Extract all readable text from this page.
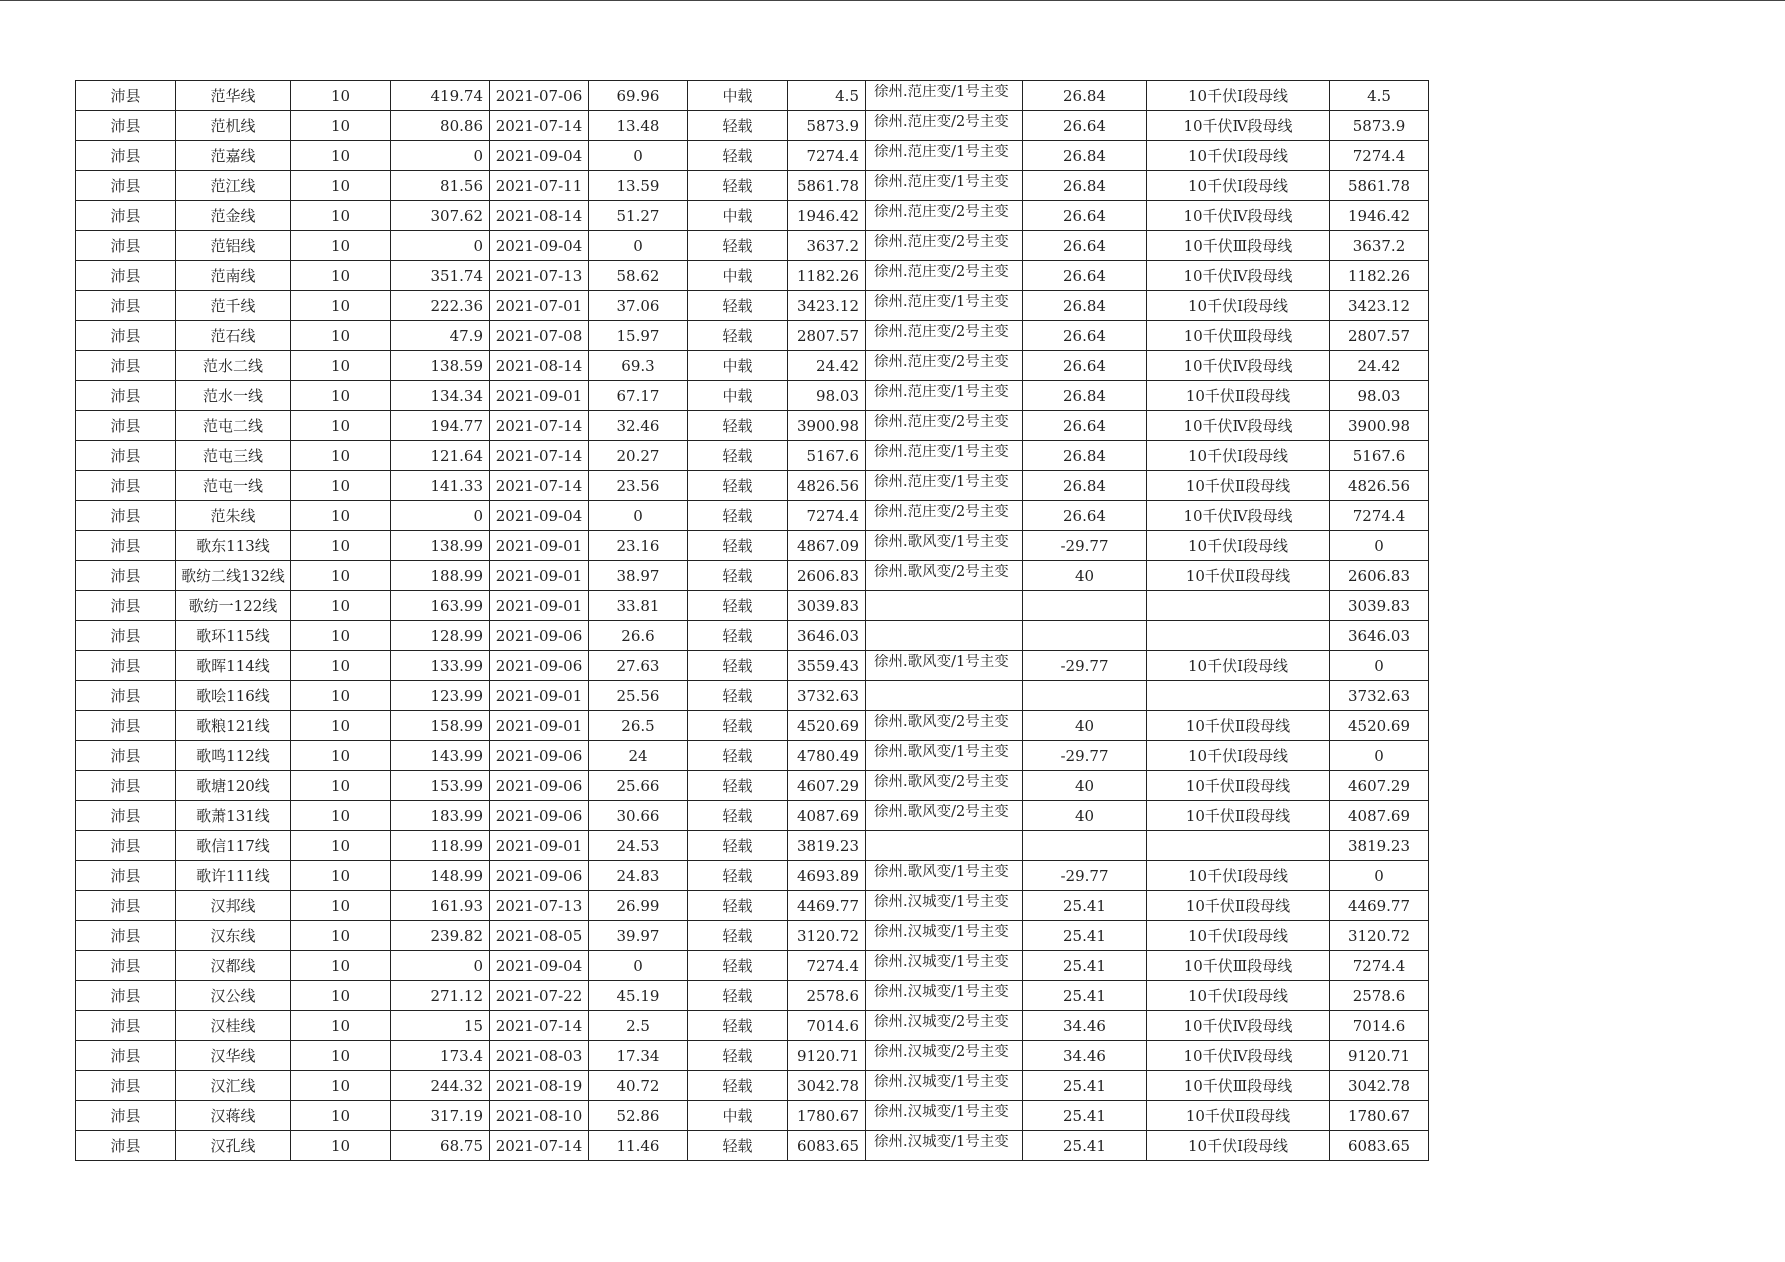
沛县	范华线	10	419.74	2021-07-06	69.96	中载	4.5	徐州.范庄变/1号主变	26.84	10千伏Ⅰ段母线	4.5
沛县	范机线	10	80.86	2021-07-14	13.48	轻载	5873.9	徐州.范庄变/2号主变	26.64	10千伏Ⅳ段母线	5873.9
沛县	范嘉线	10	0	2021-09-04	0	轻载	7274.4	徐州.范庄变/1号主变	26.84	10千伏Ⅰ段母线	7274.4
沛县	范江线	10	81.56	2021-07-11	13.59	轻载	5861.78	徐州.范庄变/1号主变	26.84	10千伏Ⅰ段母线	5861.78
沛县	范金线	10	307.62	2021-08-14	51.27	中载	1946.42	徐州.范庄变/2号主变	26.64	10千伏Ⅳ段母线	1946.42
沛县	范铝线	10	0	2021-09-04	0	轻载	3637.2	徐州.范庄变/2号主变	26.64	10千伏Ⅲ段母线	3637.2
沛县	范南线	10	351.74	2021-07-13	58.62	中载	1182.26	徐州.范庄变/2号主变	26.64	10千伏Ⅳ段母线	1182.26
沛县	范千线	10	222.36	2021-07-01	37.06	轻载	3423.12	徐州.范庄变/1号主变	26.84	10千伏Ⅰ段母线	3423.12
沛县	范石线	10	47.9	2021-07-08	15.97	轻载	2807.57	徐州.范庄变/2号主变	26.64	10千伏Ⅲ段母线	2807.57
沛县	范水二线	10	138.59	2021-08-14	69.3	中载	24.42	徐州.范庄变/2号主变	26.64	10千伏Ⅳ段母线	24.42
沛县	范水一线	10	134.34	2021-09-01	67.17	中载	98.03	徐州.范庄变/1号主变	26.84	10千伏Ⅱ段母线	98.03
沛县	范屯二线	10	194.77	2021-07-14	32.46	轻载	3900.98	徐州.范庄变/2号主变	26.64	10千伏Ⅳ段母线	3900.98
沛县	范屯三线	10	121.64	2021-07-14	20.27	轻载	5167.6	徐州.范庄变/1号主变	26.84	10千伏Ⅰ段母线	5167.6
沛县	范屯一线	10	141.33	2021-07-14	23.56	轻载	4826.56	徐州.范庄变/1号主变	26.84	10千伏Ⅱ段母线	4826.56
沛县	范朱线	10	0	2021-09-04	0	轻载	7274.4	徐州.范庄变/2号主变	26.64	10千伏Ⅳ段母线	7274.4
沛县	歌东113线	10	138.99	2021-09-01	23.16	轻载	4867.09	徐州.歌风变/1号主变	-29.77	10千伏Ⅰ段母线	0
沛县	歌纺二线132线	10	188.99	2021-09-01	38.97	轻载	2606.83	徐州.歌风变/2号主变	40	10千伏Ⅱ段母线	2606.83
沛县	歌纺一122线	10	163.99	2021-09-01	33.81	轻载	3039.83				3039.83
沛县	歌环115线	10	128.99	2021-09-06	26.6	轻载	3646.03				3646.03
沛县	歌晖114线	10	133.99	2021-09-06	27.63	轻载	3559.43	徐州.歌风变/1号主变	-29.77	10千伏Ⅰ段母线	0
沛县	歌哙116线	10	123.99	2021-09-01	25.56	轻载	3732.63				3732.63
沛县	歌粮121线	10	158.99	2021-09-01	26.5	轻载	4520.69	徐州.歌风变/2号主变	40	10千伏Ⅱ段母线	4520.69
沛县	歌鸣112线	10	143.99	2021-09-06	24	轻载	4780.49	徐州.歌风变/1号主变	-29.77	10千伏Ⅰ段母线	0
沛县	歌塘120线	10	153.99	2021-09-06	25.66	轻载	4607.29	徐州.歌风变/2号主变	40	10千伏Ⅱ段母线	4607.29
沛县	歌萧131线	10	183.99	2021-09-06	30.66	轻载	4087.69	徐州.歌风变/2号主变	40	10千伏Ⅱ段母线	4087.69
沛县	歌信117线	10	118.99	2021-09-01	24.53	轻载	3819.23				3819.23
沛县	歌许111线	10	148.99	2021-09-06	24.83	轻载	4693.89	徐州.歌风变/1号主变	-29.77	10千伏Ⅰ段母线	0
沛县	汉邦线	10	161.93	2021-07-13	26.99	轻载	4469.77	徐州.汉城变/1号主变	25.41	10千伏Ⅱ段母线	4469.77
沛县	汉东线	10	239.82	2021-08-05	39.97	轻载	3120.72	徐州.汉城变/1号主变	25.41	10千伏Ⅰ段母线	3120.72
沛县	汉都线	10	0	2021-09-04	0	轻载	7274.4	徐州.汉城变/1号主变	25.41	10千伏Ⅲ段母线	7274.4
沛县	汉公线	10	271.12	2021-07-22	45.19	轻载	2578.6	徐州.汉城变/1号主变	25.41	10千伏Ⅰ段母线	2578.6
沛县	汉桂线	10	15	2021-07-14	2.5	轻载	7014.6	徐州.汉城变/2号主变	34.46	10千伏Ⅳ段母线	7014.6
沛县	汉华线	10	173.4	2021-08-03	17.34	轻载	9120.71	徐州.汉城变/2号主变	34.46	10千伏Ⅳ段母线	9120.71
沛县	汉汇线	10	244.32	2021-08-19	40.72	轻载	3042.78	徐州.汉城变/1号主变	25.41	10千伏Ⅲ段母线	3042.78
沛县	汉蒋线	10	317.19	2021-08-10	52.86	中载	1780.67	徐州.汉城变/1号主变	25.41	10千伏Ⅱ段母线	1780.67
沛县	汉孔线	10	68.75	2021-07-14	11.46	轻载	6083.65	徐州.汉城变/1号主变	25.41	10千伏Ⅰ段母线	6083.65
